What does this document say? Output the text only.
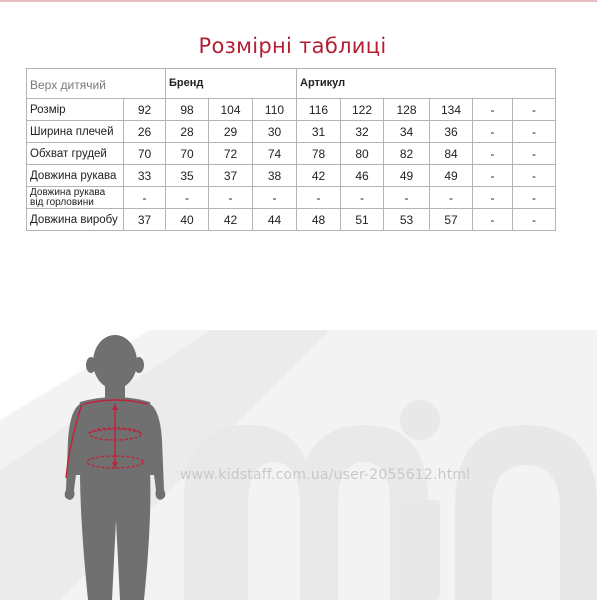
Розмірні таблиці
Верх дитячий		Бренд			Артикул					
Розмір	92	98	104	110	116	122	128	134	-	-
Ширина плечей	26	28	29	30	31	32	34	36	-	-
Обхват грудей	70	70	72	74	78	80	82	84	-	-
Довжина рукава	33	35	37	38	42	46	49	49	-	-
Довжина рукава від горловини	-	-	-	-	-	-	-	-	-	-
Довжина виробу	37	40	42	44	48	51	53	57	-	-
www.kidstaff.com.ua/user-2055612.html
